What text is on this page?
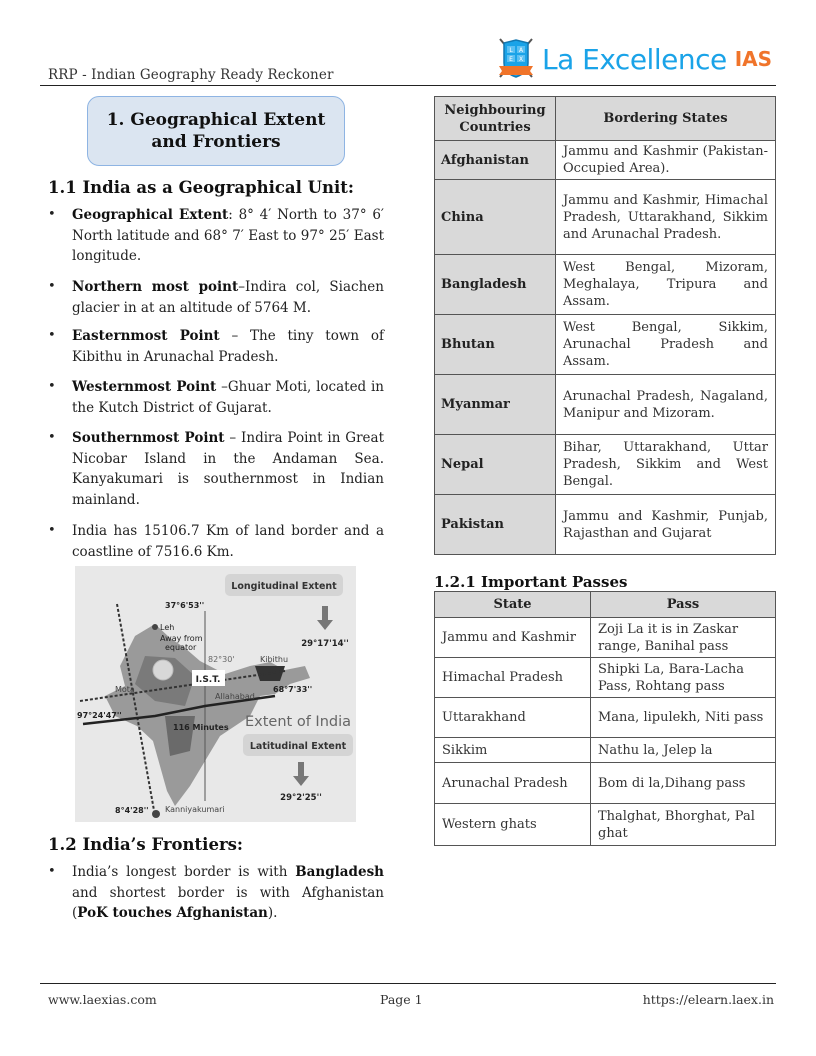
RRP - Indian Geography Ready Reckoner
L A
E X La Excellence IAS
1. Geographical Extent
and Frontiers
1.1 India as a Geographical Unit:
• Geographical Extent: 8° 4′ North to 37° 6′ North latitude and 68° 7′ East to 97° 25′ East longitude.
• Northern most point–Indira col, Siachen glacier in at an altitude of 5764 M.
• Easternmost Point – The tiny town of Kibithu in Arunachal Pradesh.
• Westernmost Point –Ghuar Moti, located in the Kutch District of Gujarat.
• Southernmost Point – Indira Point in Great Nicobar Island in the Andaman Sea. Kanyakumari is southernmost in Indian mainland.
• India has 15106.7 Km of land border and a coastline of 7516.6 Km.
Longitudinal Extent
29°17'14''
37°6'53''
Leh
Away from
equator
82°30'	Kibithu
I.S.T.
Mota
Allahabad
68°7'33''
97°24'47''
116 Minutes Extent of India
Latitudinal Extent
29°2'25''
8°4'28'' Kanniyakumari
1.2 India’s Frontiers:
• India’s longest border is with Bangladesh and shortest border is with Afghanistan (PoK touches Afghanistan).
Neighbouring Countries	Bordering States
Afghanistan	Jammu and Kashmir (Pakistan-Occupied Area).
China	Jammu and Kashmir, Himachal Pradesh, Uttarakhand, Sikkim and Arunachal Pradesh.
Bangladesh	West Bengal, Mizoram, Meghalaya, Tripura and Assam.
Bhutan	West Bengal, Sikkim, Arunachal Pradesh and Assam.
Myanmar	Arunachal Pradesh, Nagaland, Manipur and Mizoram.
Nepal	Bihar, Uttarakhand, Uttar Pradesh, Sikkim and West Bengal.
Pakistan	Jammu and Kashmir, Punjab, Rajasthan and Gujarat
1.2.1 Important Passes
State	Pass
Jammu and Kashmir	Zoji La it is in Zaskar range, Banihal pass
Himachal Pradesh	Shipki La, Bara-Lacha Pass, Rohtang pass
Uttarakhand	Mana, lipulekh, Niti pass
Sikkim	Nathu la, Jelep la
Arunachal Pradesh	Bom di la,Dihang pass
Western ghats	Thalghat, Bhorghat, Pal ghat
www.laexias.com	Page 1	https://elearn.laex.in
